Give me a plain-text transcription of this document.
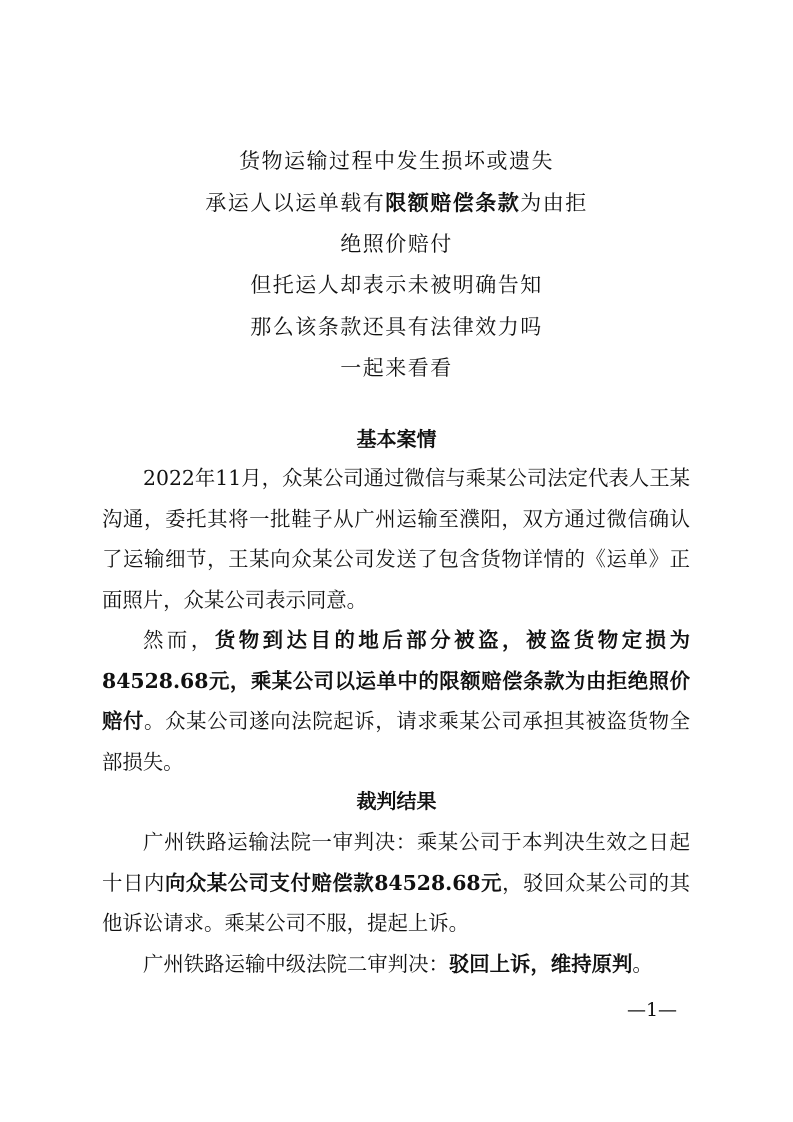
货物运输过程中发生损坏或遗失
承运人以运单载有限额赔偿条款为由拒
绝照价赔付
但托运人却表示未被明确告知
那么该条款还具有法律效力吗
一起来看看
基本案情
2022年11月，众某公司通过微信与乘某公司法定代表人王某沟通，委托其将一批鞋子从广州运输至濮阳，双方通过微信确认了运输细节，王某向众某公司发送了包含货物详情的《运单》正面照片，众某公司表示同意。
然而，货物到达目的地后部分被盗，被盗货物定损为84528.68元，乘某公司以运单中的限额赔偿条款为由拒绝照价赔付。众某公司遂向法院起诉，请求乘某公司承担其被盗货物全部损失。
裁判结果
广州铁路运输法院一审判决：乘某公司于本判决生效之日起十日内向众某公司支付赔偿款84528.68元，驳回众某公司的其他诉讼请求。乘某公司不服，提起上诉。
广州铁路运输中级法院二审判决：驳回上诉，维持原判。
—1—
